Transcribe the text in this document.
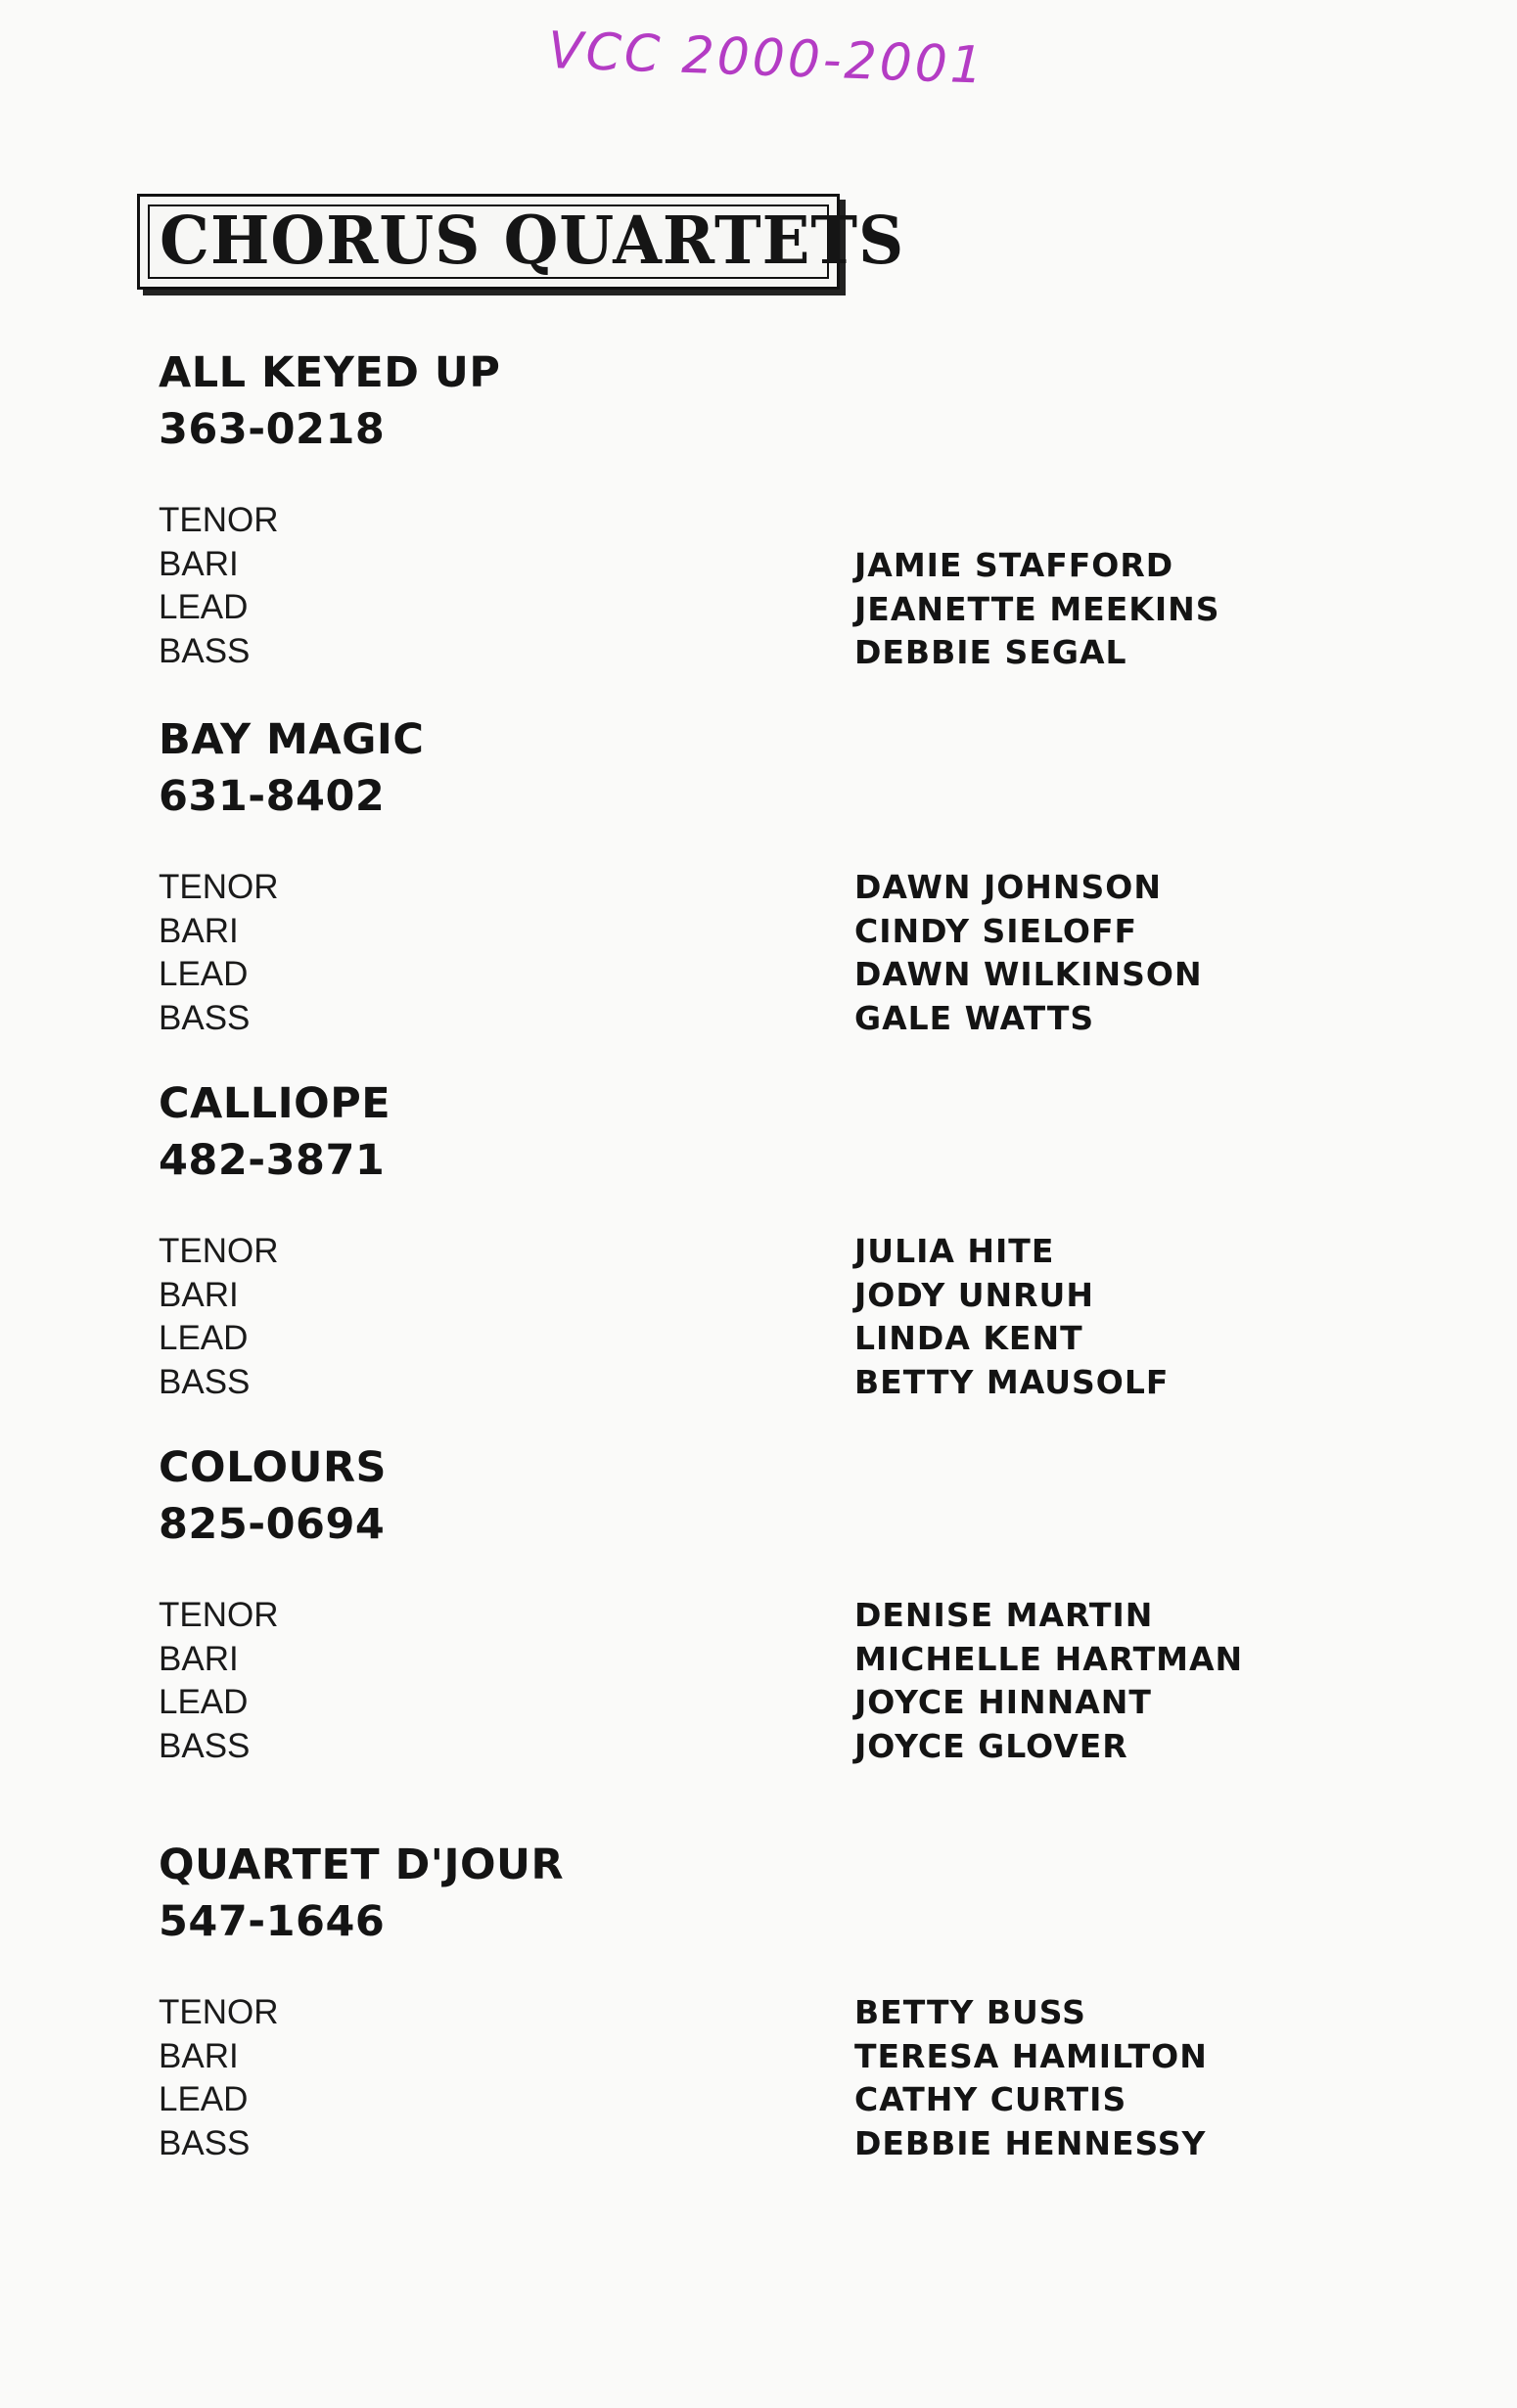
VCC 2000-2001
CHORUS QUARTETS
ALL KEYED UP
363-0218
TENOR
BARI
LEAD
BASS
JAMIE STAFFORD
JEANETTE MEEKINS
DEBBIE SEGAL
BAY MAGIC
631-8402
TENOR
BARI
LEAD
BASS
DAWN JOHNSON
CINDY SIELOFF
DAWN WILKINSON
GALE WATTS
CALLIOPE
482-3871
TENOR
BARI
LEAD
BASS
JULIA HITE
JODY UNRUH
LINDA KENT
BETTY MAUSOLF
COLOURS
825-0694
TENOR
BARI
LEAD
BASS
DENISE MARTIN
MICHELLE HARTMAN
JOYCE HINNANT
JOYCE GLOVER
QUARTET D'JOUR
547-1646
TENOR
BARI
LEAD
BASS
BETTY BUSS
TERESA HAMILTON
CATHY CURTIS
DEBBIE HENNESSY
